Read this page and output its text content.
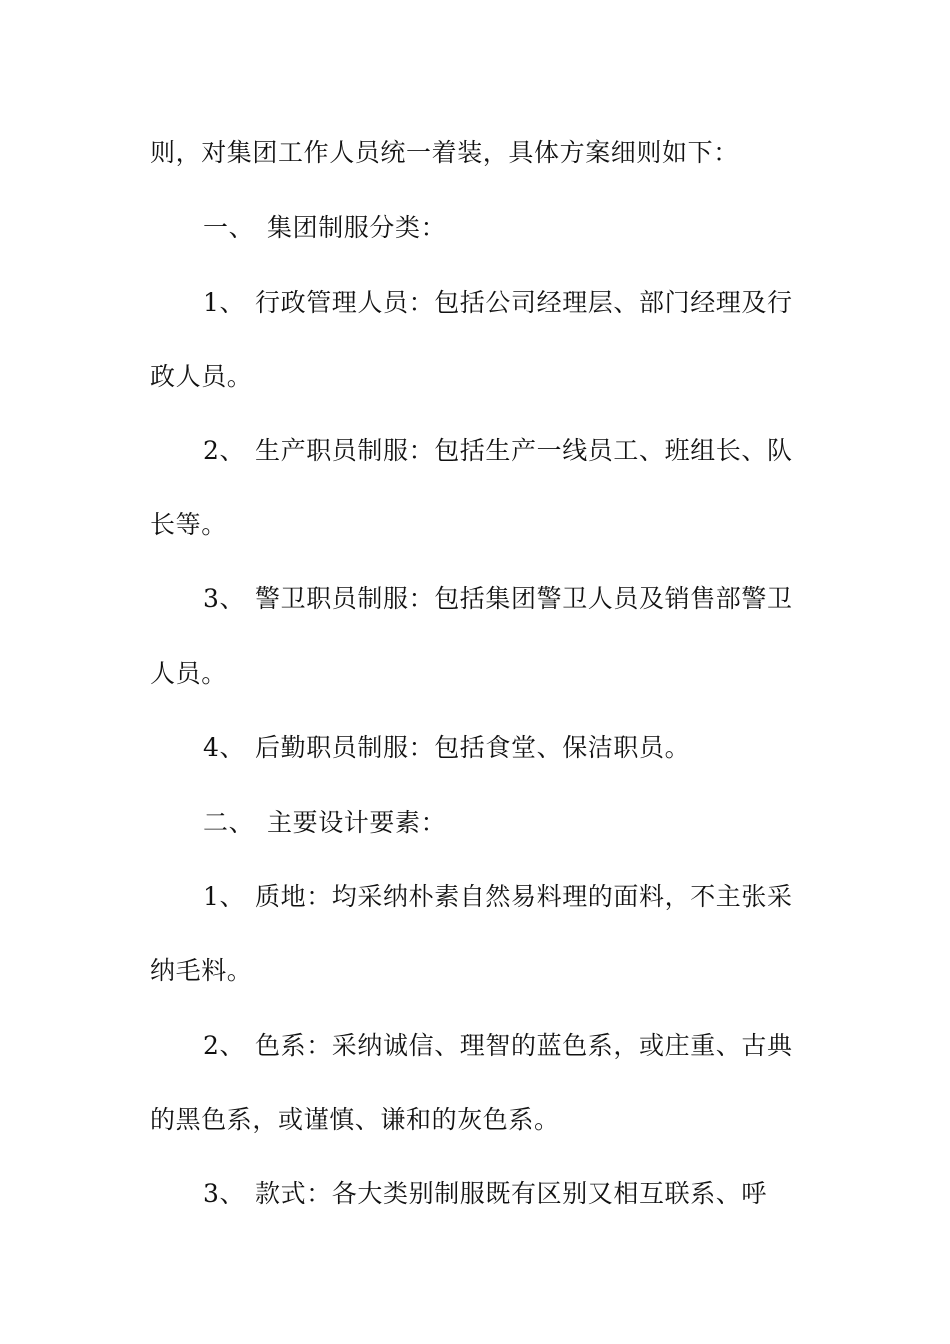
则，对集团工作人员统一着装，具体方案细则如下：
一、 集团制服分类：
1、 行政管理人员：包括公司经理层、部门经理及行
政人员。
2、 生产职员制服：包括生产一线员工、班组长、队
长等。
3、 警卫职员制服：包括集团警卫人员及销售部警卫
人员。
4、 后勤职员制服：包括食堂、保洁职员。
二、 主要设计要素：
1、 质地：均采纳朴素自然易料理的面料，不主张采
纳毛料。
2、 色系：采纳诚信、理智的蓝色系，或庄重、古典
的黑色系，或谨慎、谦和的灰色系。
3、 款式：各大类别制服既有区别又相互联系、呼
